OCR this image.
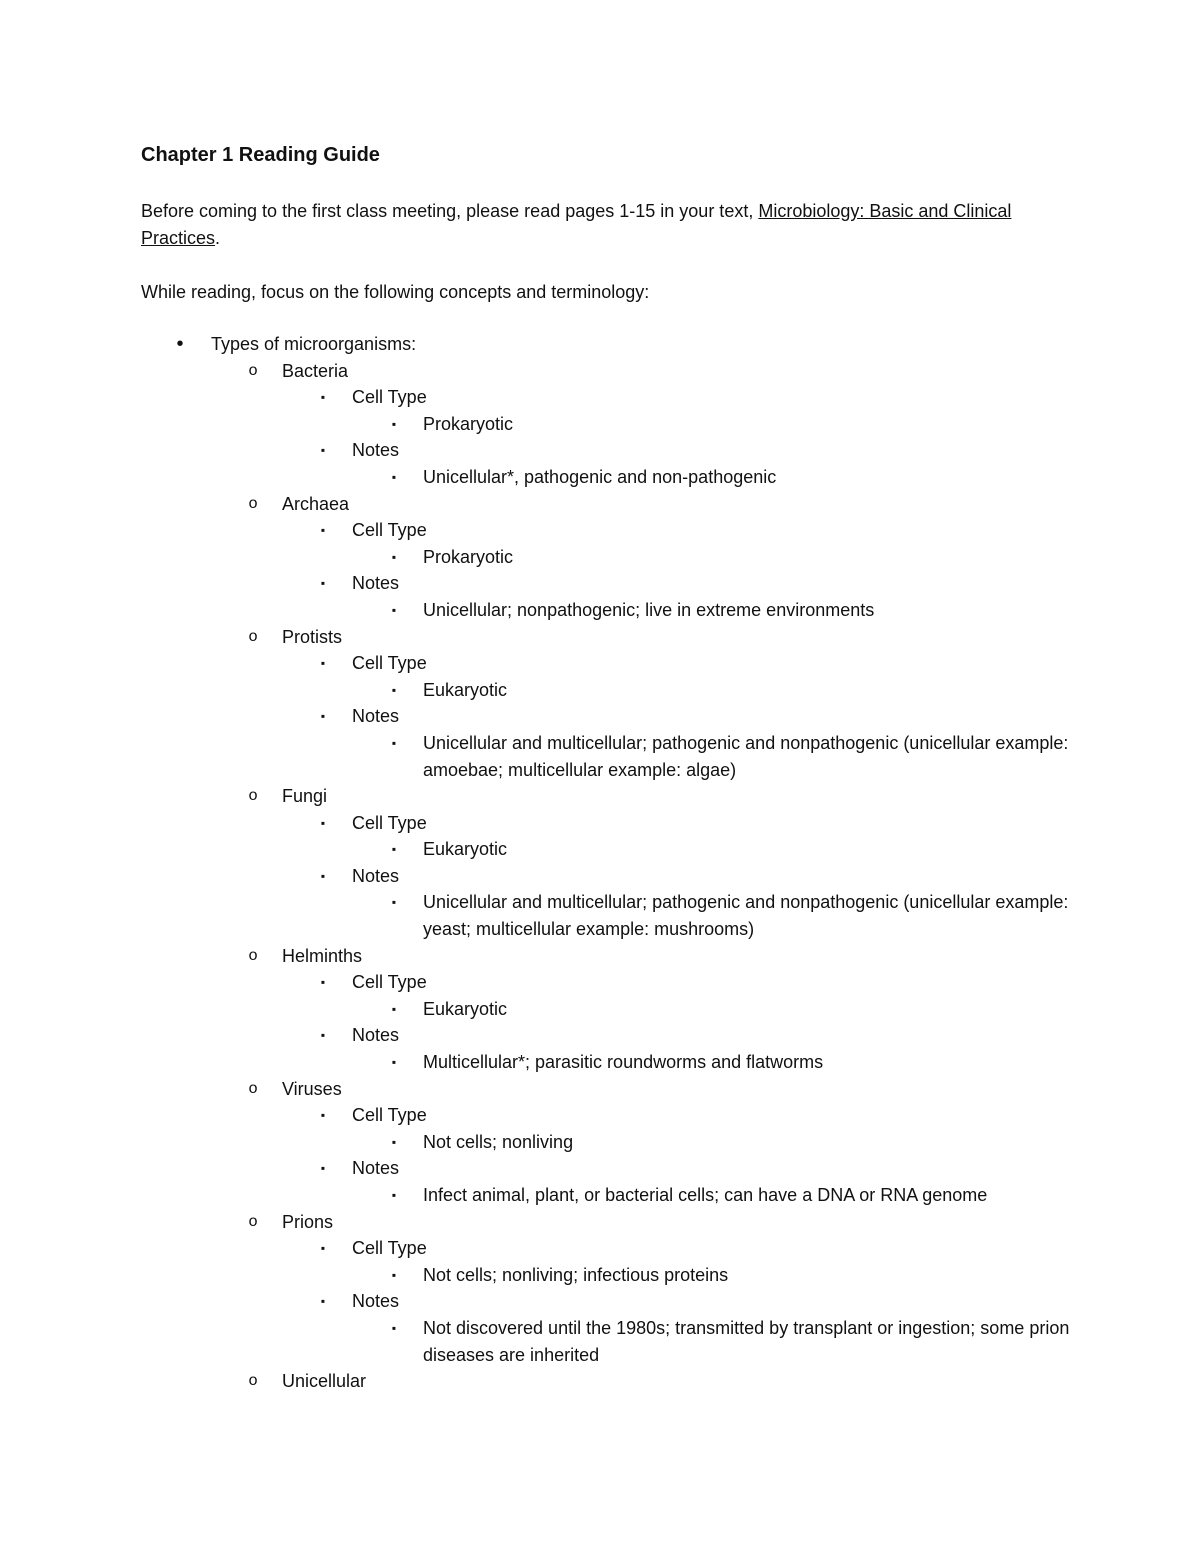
Chapter 1 Reading Guide
Before coming to the first class meeting, please read pages 1-15 in your text, Microbiology: Basic and Clinical Practices.
While reading, focus on the following concepts and terminology:
•	Types of microorganisms:
o Bacteria
▪	Cell Type
▪	Prokaryotic
▪	Notes
▪	Unicellular*, pathogenic and non-pathogenic
o Archaea
▪	Cell Type
▪	Prokaryotic
▪	Notes
▪	Unicellular; nonpathogenic; live in extreme environments
o Protists
▪	Cell Type
▪	Eukaryotic
▪	Notes
▪	Unicellular and multicellular; pathogenic and nonpathogenic (unicellular example: amoebae; multicellular example: algae)
o Fungi
▪	Cell Type
▪	Eukaryotic
▪	Notes
▪	Unicellular and multicellular; pathogenic and nonpathogenic (unicellular example: yeast; multicellular example: mushrooms)
o Helminths
▪	Cell Type
▪	Eukaryotic
▪	Notes
▪	Multicellular*; parasitic roundworms and flatworms
o Viruses
▪	Cell Type
▪	Not cells; nonliving
▪	Notes
▪	Infect animal, plant, or bacterial cells; can have a DNA or RNA genome
o Prions
▪	Cell Type
▪	Not cells; nonliving; infectious proteins
▪	Notes
▪	Not discovered until the 1980s; transmitted by transplant or ingestion; some prion diseases are inherited
o Unicellular
